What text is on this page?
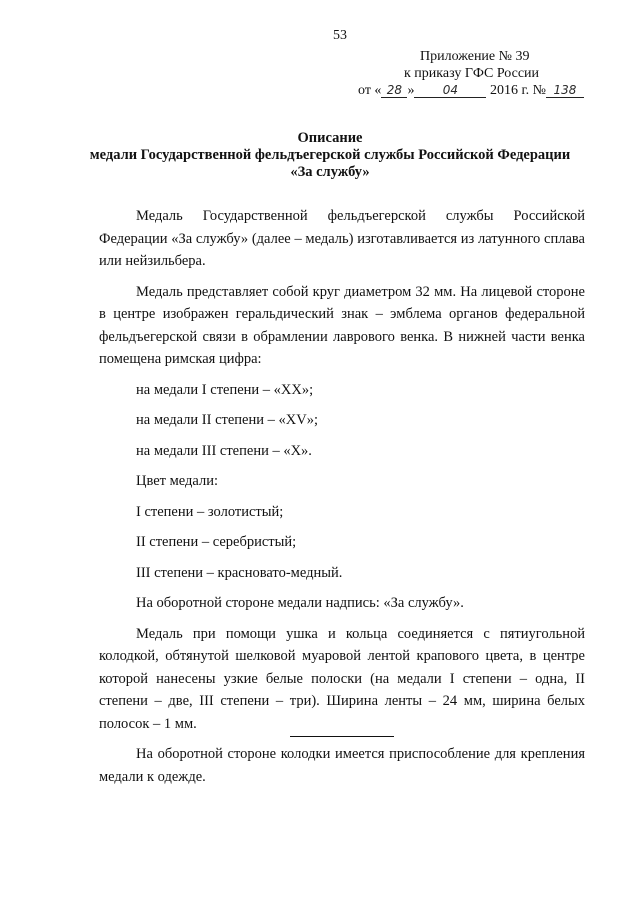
53
Приложение № 39
к приказу ГФС России
от « 28 » 04 2016 г. № 138
Описание
медали Государственной фельдъегерской службы Российской Федерации
«За службу»

Медаль Государственной фельдъегерской службы Российской Федерации «За службу» (далее – медаль) изготавливается из латунного сплава или нейзильбера.

Медаль представляет собой круг диаметром 32 мм. На лицевой стороне в центре изображен геральдический знак – эмблема органов федеральной фельдъегерской связи в обрамлении лаврового венка. В нижней части венка помещена римская цифра:

на медали I степени – «XX»;

на медали II степени – «XV»;

на медали III степени – «X».

Цвет медали:

I степени – золотистый;

II степени – серебристый;

III степени – красновато-медный.

На оборотной стороне медали надпись: «За службу».

Медаль при помощи ушка и кольца соединяется с пятиугольной колодкой, обтянутой шелковой муаровой лентой крапового цвета, в центре которой нанесены узкие белые полоски (на медали I степени – одна, II степени – две, III степени – три). Ширина ленты – 24 мм, ширина белых полосок – 1 мм.

На оборотной стороне колодки имеется приспособление для крепления медали к одежде.
